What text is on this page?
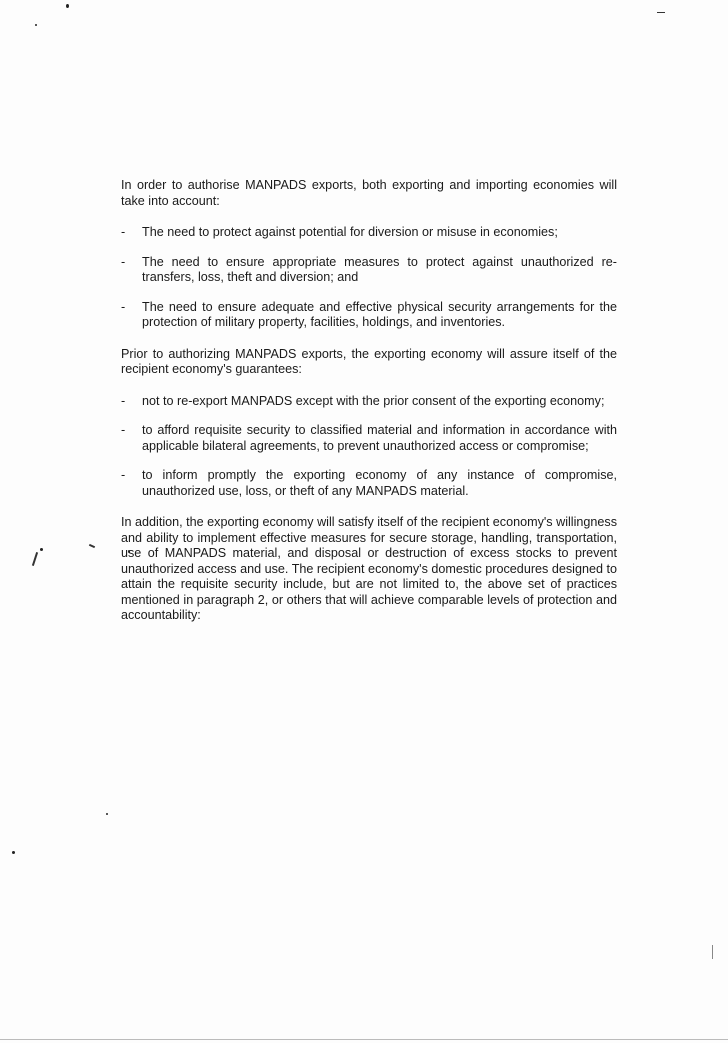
In order to authorise MANPADS exports, both exporting and importing economies will take into account:

- The need to protect against potential for diversion or misuse in economies;
- The need to ensure appropriate measures to protect against unauthorized re-transfers, loss, theft and diversion; and
- The need to ensure adequate and effective physical security arrangements for the protection of military property, facilities, holdings, and inventories.

Prior to authorizing MANPADS exports, the exporting economy will assure itself of the recipient economy's guarantees:

- not to re-export MANPADS except with the prior consent of the exporting economy;
- to afford requisite security to classified material and information in accordance with applicable bilateral agreements, to prevent unauthorized access or compromise;
- to inform promptly the exporting economy of any instance of compromise, unauthorized use, loss, or theft of any MANPADS material.

In addition, the exporting economy will satisfy itself of the recipient economy's willingness and ability to implement effective measures for secure storage, handling, transportation, use of MANPADS material, and disposal or destruction of excess stocks to prevent unauthorized access and use. The recipient economy's domestic procedures designed to attain the requisite security include, but are not limited to, the above set of practices mentioned in paragraph 2, or others that will achieve comparable levels of protection and accountability:
